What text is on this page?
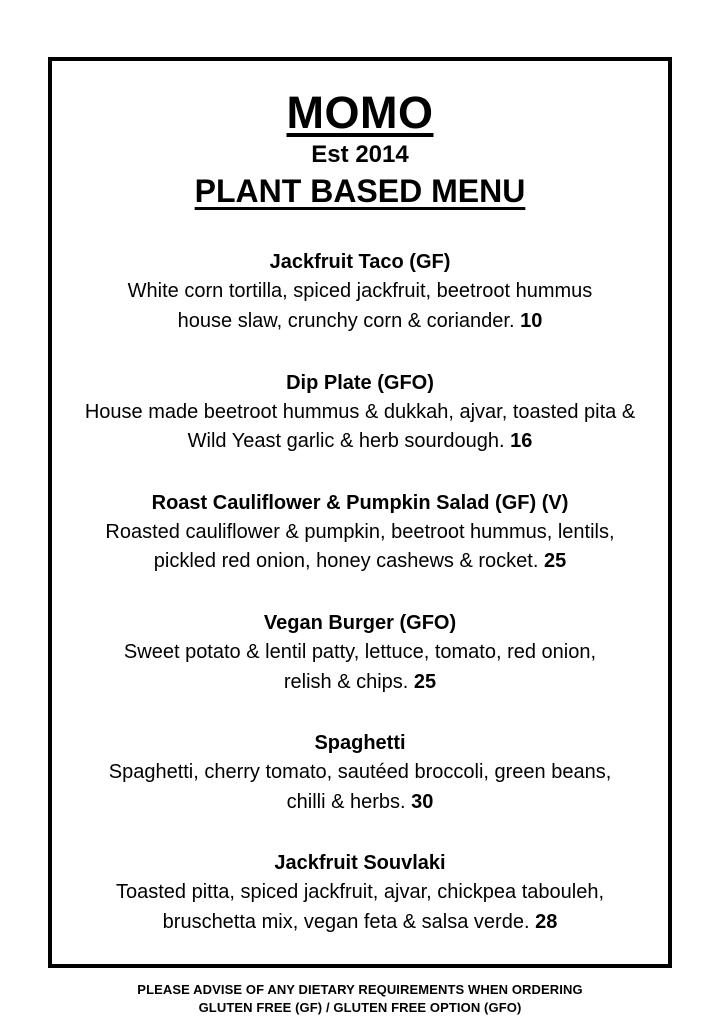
MOMO
Est 2014
PLANT BASED MENU
Jackfruit Taco (GF)
White corn tortilla, spiced jackfruit, beetroot hummus
house slaw, crunchy corn & coriander. 10
Dip Plate (GFO)
House made beetroot hummus & dukkah, ajvar, toasted pita &
Wild Yeast garlic & herb sourdough. 16
Roast Cauliflower & Pumpkin Salad (GF) (V)
Roasted cauliflower & pumpkin, beetroot hummus, lentils,
pickled red onion, honey cashews & rocket. 25
Vegan Burger (GFO)
Sweet potato & lentil patty, lettuce, tomato, red onion,
relish & chips. 25
Spaghetti
Spaghetti, cherry tomato, sautéed broccoli, green beans,
chilli & herbs. 30
Jackfruit Souvlaki
Toasted pitta, spiced jackfruit, ajvar, chickpea tabouleh,
bruschetta mix, vegan feta & salsa verde. 28
PLEASE ADVISE OF ANY DIETARY REQUIREMENTS WHEN ORDERING
GLUTEN FREE (GF) / GLUTEN FREE OPTION (GFO)
